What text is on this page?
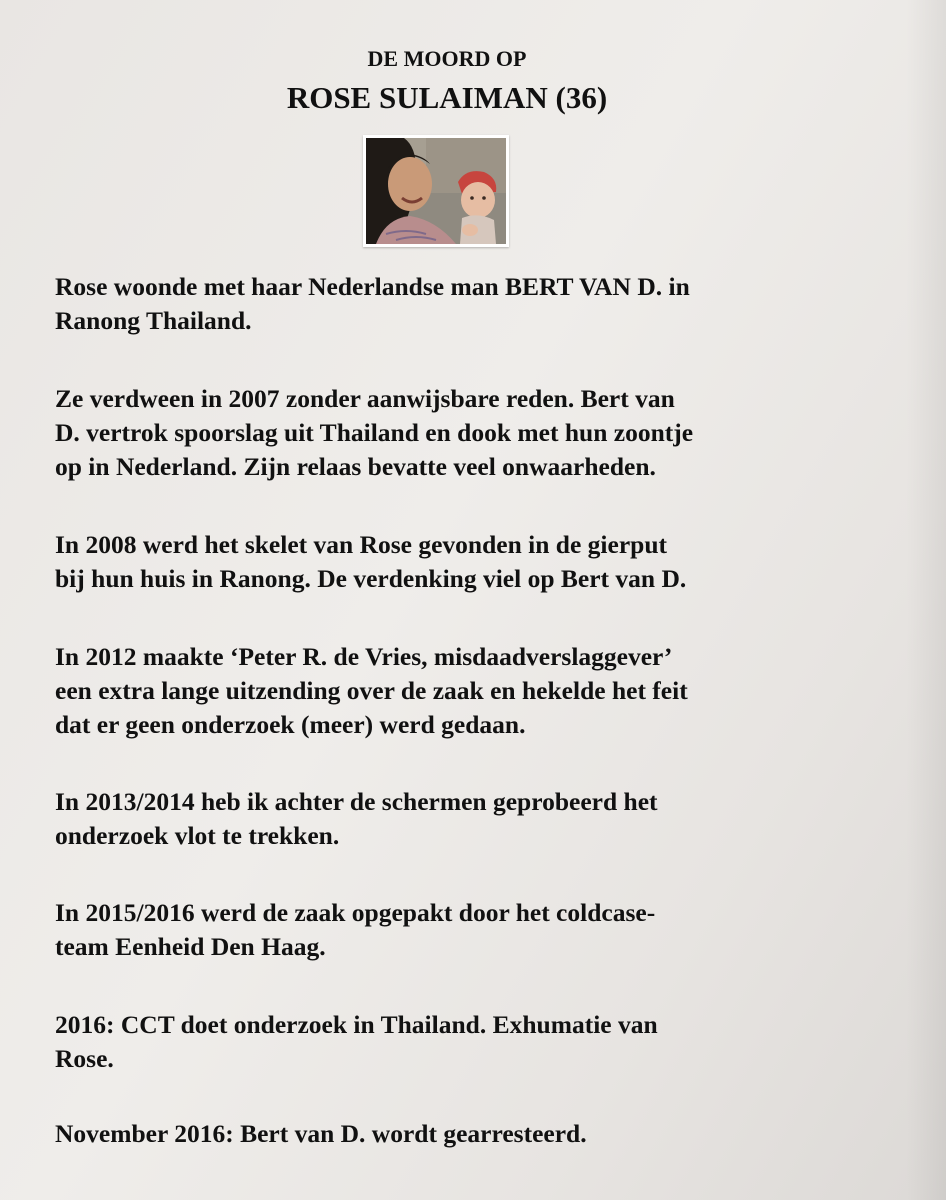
DE MOORD OP
ROSE SULAIMAN (36)

Rose woonde met haar Nederlandse man BERT VAN D. in
Ranong Thailand.

Ze verdween in 2007 zonder aanwijsbare reden. Bert van
D. vertrok spoorslag uit Thailand en dook met hun zoontje
op in Nederland. Zijn relaas bevatte veel onwaarheden.

In 2008 werd het skelet van Rose gevonden in de gierput
bij hun huis in Ranong. De verdenking viel op Bert van D.

In 2012 maakte ‘Peter R. de Vries, misdaadverslaggever’
een extra lange uitzending over de zaak en hekelde het feit
dat er geen onderzoek (meer) werd gedaan.

In 2013/2014 heb ik achter de schermen geprobeerd het
onderzoek vlot te trekken.

In 2015/2016 werd de zaak opgepakt door het coldcase-
team Eenheid Den Haag.

2016: CCT doet onderzoek in Thailand. Exhumatie van
Rose.

November 2016: Bert van D. wordt gearresteerd.
